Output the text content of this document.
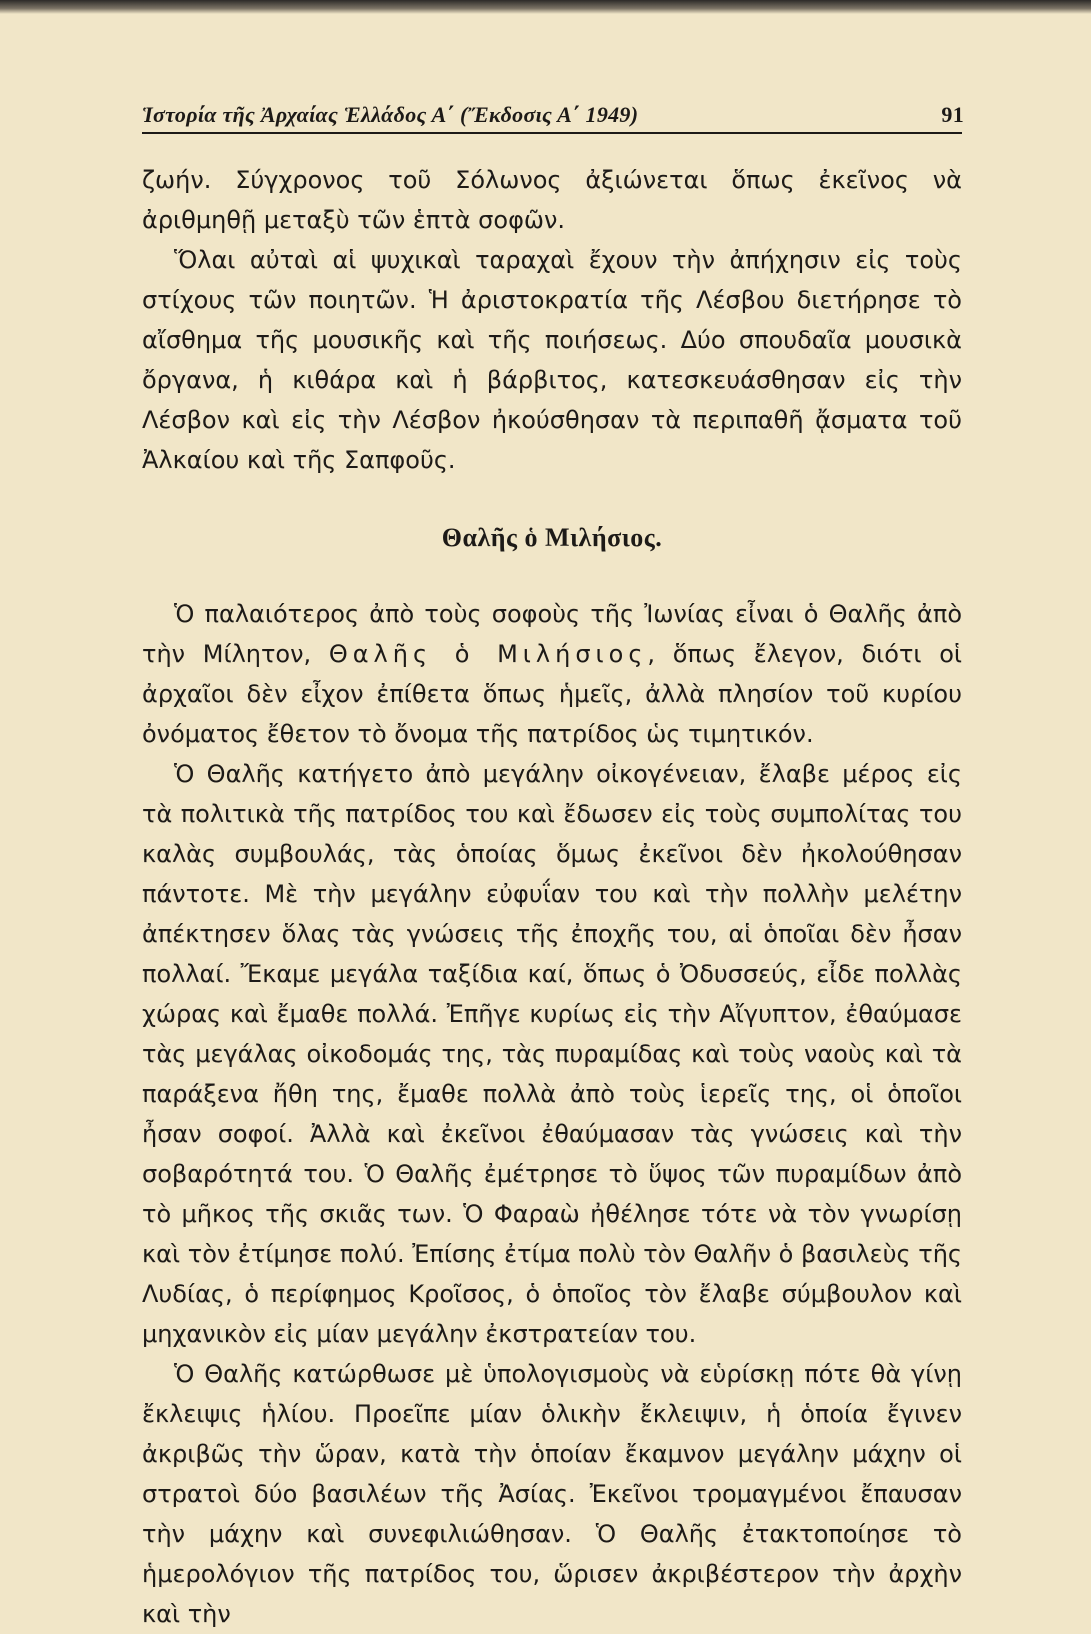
Ἱστορία τῆς Ἀρχαίας Ἑλλάδος Α΄ (Ἔκδοσις Α΄ 1949)	91

ζωήν. Σύγχρονος τοῦ Σόλωνος ἀξιώνεται ὅπως ἐκεῖνος νὰ ἀριθμηθῇ μεταξὺ τῶν ἑπτὰ σοφῶν.

Ὅλαι αὐταὶ αἱ ψυχικαὶ ταραχαὶ ἔχουν τὴν ἀπήχησιν εἰς τοὺς στίχους τῶν ποιητῶν. Ἡ ἀριστοκρατία τῆς Λέσβου διετήρησε τὸ αἴσθημα τῆς μουσικῆς καὶ τῆς ποιήσεως. Δύο σπουδαῖα μουσικὰ ὄργανα, ἡ κιθάρα καὶ ἡ βάρβιτος, κατεσκευάσθησαν εἰς τὴν Λέσβον καὶ εἰς τὴν Λέσβον ἠκούσθησαν τὰ περιπαθῆ ᾄσματα τοῦ Ἀλκαίου καὶ τῆς Σαπφοῦς.

Θαλῆς ὁ Μιλήσιος.

Ὁ παλαιότερος ἀπὸ τοὺς σοφοὺς τῆς Ἰωνίας εἶναι ὁ Θαλῆς ἀπὸ τὴν Μίλητον, Θαλῆς ὁ Μιλήσιος, ὅπως ἔλεγον, διότι οἱ ἀρχαῖοι δὲν εἶχον ἐπίθετα ὅπως ἡμεῖς, ἀλλὰ πλησίον τοῦ κυρίου ὀνόματος ἔθετον τὸ ὄνομα τῆς πατρίδος ὡς τιμητικόν.

Ὁ Θαλῆς κατήγετο ἀπὸ μεγάλην οἰκογένειαν, ἔλαβε μέρος εἰς τὰ πολιτικὰ τῆς πατρίδος του καὶ ἔδωσεν εἰς τοὺς συμπολίτας του καλὰς συμβουλάς, τὰς ὁποίας ὅμως ἐκεῖνοι δὲν ἠκολούθησαν πάντοτε. Μὲ τὴν μεγάλην εὐφυΐαν του καὶ τὴν πολλὴν μελέτην ἀπέκτησεν ὅλας τὰς γνώσεις τῆς ἐποχῆς του, αἱ ὁποῖαι δὲν ἦσαν πολλαί. Ἔκαμε μεγάλα ταξίδια καί, ὅπως ὁ Ὀδυσσεύς, εἶδε πολλὰς χώρας καὶ ἔμαθε πολλά. Ἐπῆγε κυρίως εἰς τὴν Αἴγυπτον, ἐθαύμασε τὰς μεγάλας οἰκοδομάς της, τὰς πυραμίδας καὶ τοὺς ναοὺς καὶ τὰ παράξενα ἤθη της, ἔμαθε πολλὰ ἀπὸ τοὺς ἱερεῖς της, οἱ ὁποῖοι ἦσαν σοφοί. Ἀλλὰ καὶ ἐκεῖνοι ἐθαύμασαν τὰς γνώσεις καὶ τὴν σοβαρότητά του. Ὁ Θαλῆς ἐμέτρησε τὸ ὕψος τῶν πυραμίδων ἀπὸ τὸ μῆκος τῆς σκιᾶς των. Ὁ Φαραὼ ἠθέλησε τότε νὰ τὸν γνωρίσῃ καὶ τὸν ἐτίμησε πολύ. Ἐπίσης ἐτίμα πολὺ τὸν Θαλῆν ὁ βασιλεὺς τῆς Λυδίας, ὁ περίφημος Κροῖσος, ὁ ὁποῖος τὸν ἔλαβε σύμβουλον καὶ μηχανικὸν εἰς μίαν μεγάλην ἐκστρατείαν του.

Ὁ Θαλῆς κατώρθωσε μὲ ὑπολογισμοὺς νὰ εὑρίσκῃ πότε θὰ γίνῃ ἔκλειψις ἡλίου. Προεῖπε μίαν ὁλικὴν ἔκλειψιν, ἡ ὁποία ἔγινεν ἀκριβῶς τὴν ὥραν, κατὰ τὴν ὁποίαν ἔκαμνον μεγάλην μάχην οἱ στρατοὶ δύο βασιλέων τῆς Ἀσίας. Ἐκεῖνοι τρομαγμένοι ἔπαυσαν τὴν μάχην καὶ συνεφιλιώθησαν. Ὁ Θαλῆς ἐτακτοποίησε τὸ ἡμερολόγιον τῆς πατρίδος του, ὥρισεν ἀκριβέστερον τὴν ἀρχὴν καὶ τὴν
